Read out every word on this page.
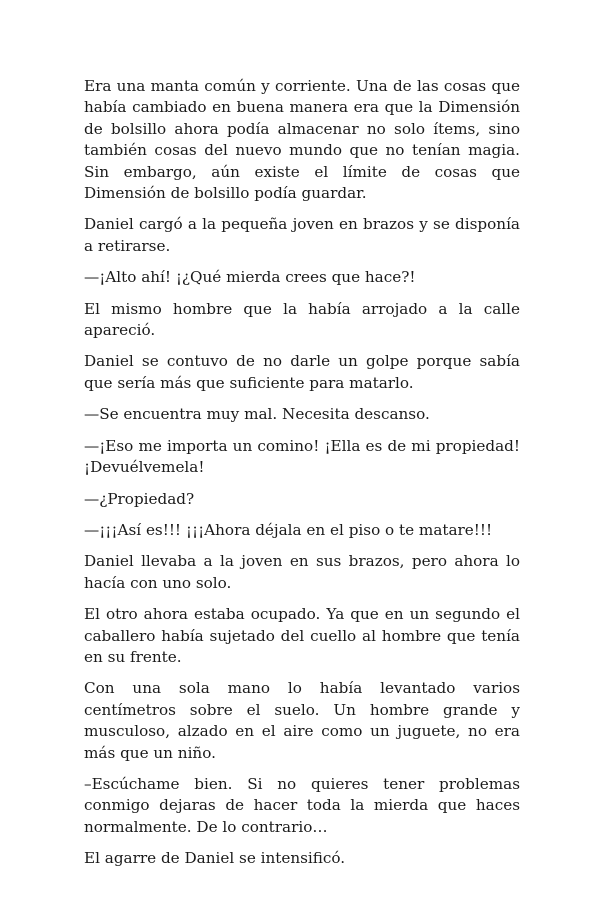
Era una manta común y corriente. Una de las cosas que había cambiado en buena manera era que la Dimensión de bolsillo ahora podía almacenar no solo ítems, sino también cosas del nuevo mundo que no tenían magia. Sin embargo, aún existe el límite de cosas que Dimensión de bolsillo podía guardar.

Daniel cargó a la pequeña joven en brazos y se disponía a retirarse.

—¡Alto ahí! ¡¿Qué mierda crees que hace?!

El mismo hombre que la había arrojado a la calle apareció.

Daniel se contuvo de no darle un golpe porque sabía que sería más que suficiente para matarlo.

—Se encuentra muy mal. Necesita descanso.

—¡Eso me importa un comino! ¡Ella es de mi propiedad! ¡Devuélvemela!

—¿Propiedad?

—¡¡¡Así es!!! ¡¡¡Ahora déjala en el piso o te matare!!!

Daniel llevaba a la joven en sus brazos, pero ahora lo hacía con uno solo.

El otro ahora estaba ocupado. Ya que en un segundo el caballero había sujetado del cuello al hombre que tenía en su frente.

Con una sola mano lo había levantado varios centímetros sobre el suelo. Un hombre grande y musculoso, alzado en el aire como un juguete, no era más que un niño.

–Escúchame bien. Si no quieres tener problemas conmigo dejaras de hacer toda la mierda que haces normalmente. De lo contrario…

El agarre de Daniel se intensificó.
